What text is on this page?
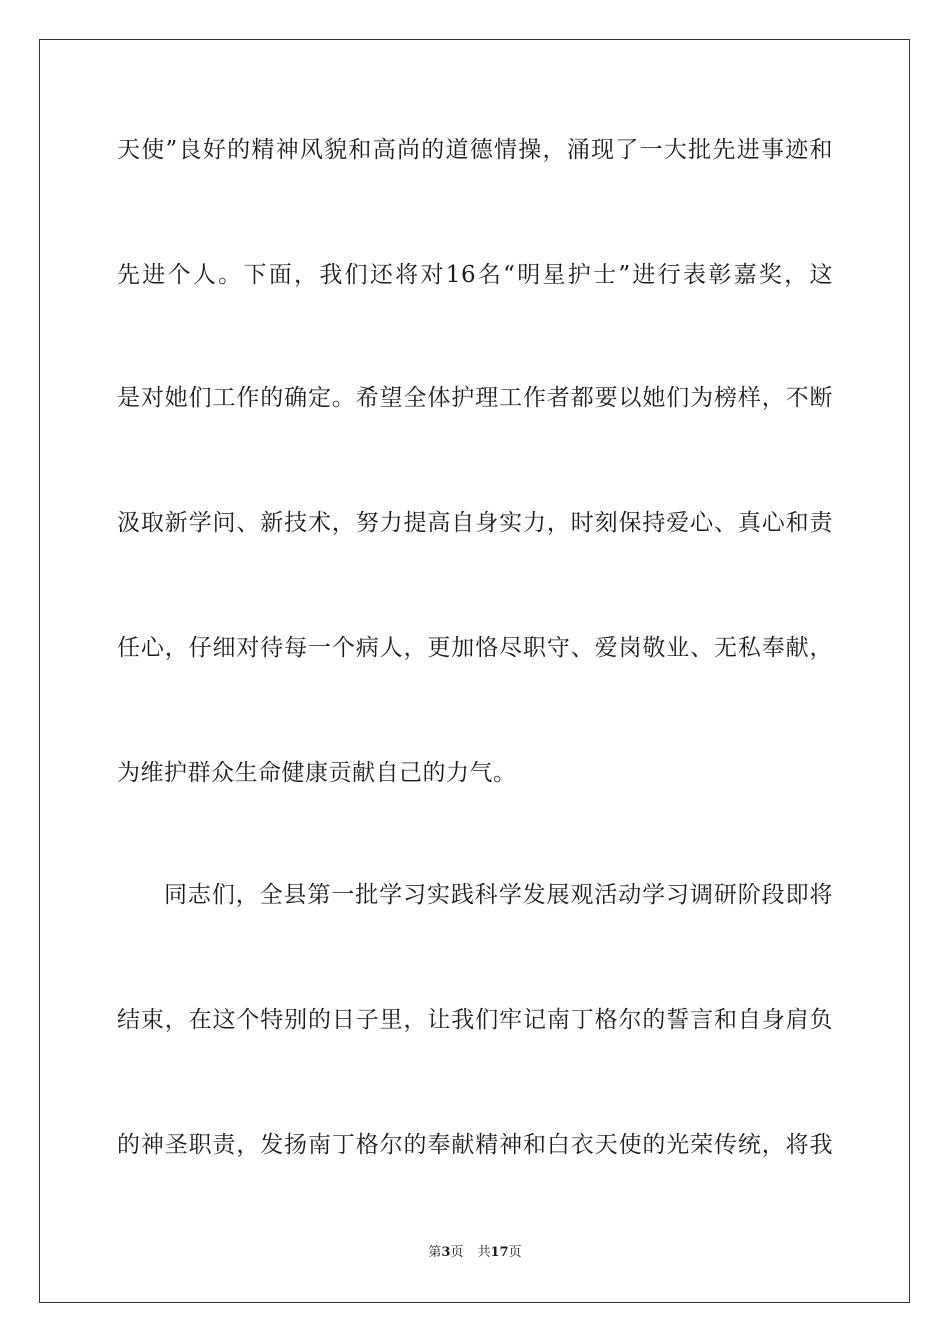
天使”良好的精神风貌和高尚的道德情操，涌现了一大批先进事迹和
先进个人。下面，我们还将对16名“明星护士”进行表彰嘉奖，这
是对她们工作的确定。希望全体护理工作者都要以她们为榜样，不断
汲取新学问、新技术，努力提高自身实力，时刻保持爱心、真心和责
任心，仔细对待每一个病人，更加恪尽职守、爱岗敬业、无私奉献，
为维护群众生命健康贡献自己的力气。
同志们，全县第一批学习实践科学发展观活动学习调研阶段即将
结束，在这个特别的日子里，让我们牢记南丁格尔的誓言和自身肩负
的神圣职责，发扬南丁格尔的奉献精神和白衣天使的光荣传统，将我
第3页 共17页
